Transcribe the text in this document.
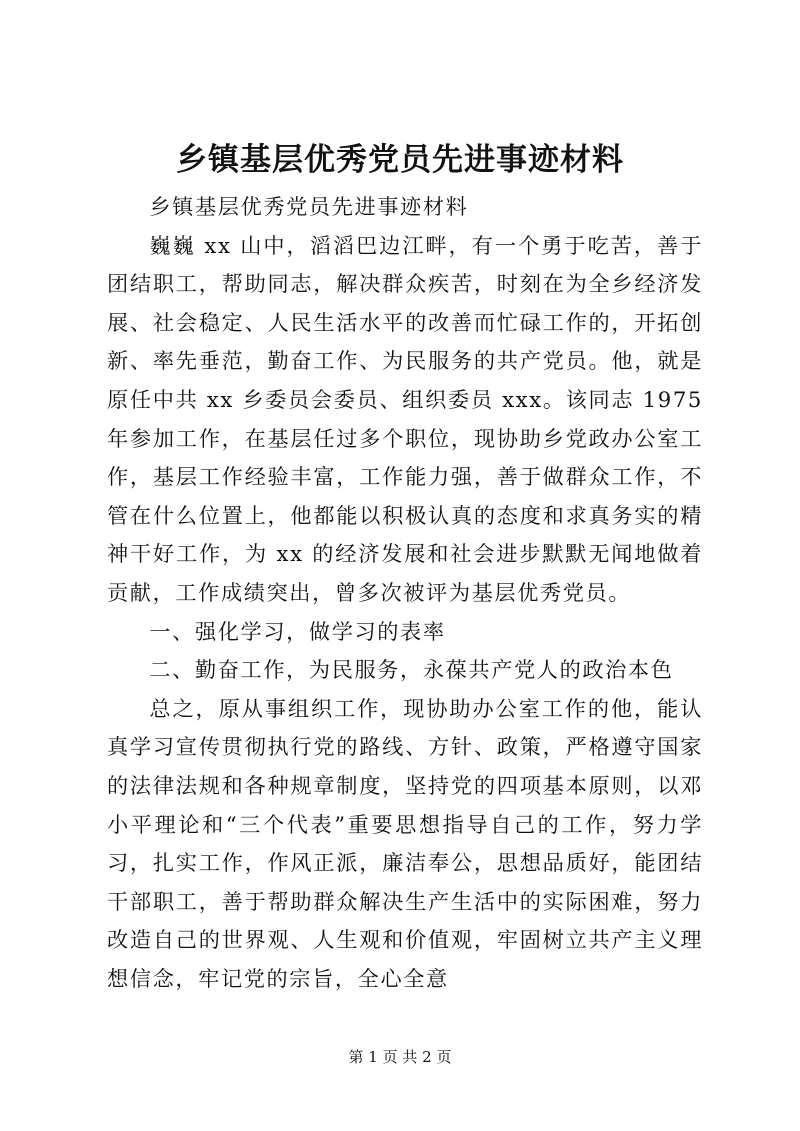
乡镇基层优秀党员先进事迹材料

乡镇基层优秀党员先进事迹材料

巍巍 xx 山中，滔滔巴边江畔，有一个勇于吃苦，善于团结职工，帮助同志，解决群众疾苦，时刻在为全乡经济发展、社会稳定、人民生活水平的改善而忙碌工作的，开拓创新、率先垂范，勤奋工作、为民服务的共产党员。他，就是原任中共 xx 乡委员会委员、组织委员 xxx。该同志 1975 年参加工作，在基层任过多个职位，现协助乡党政办公室工作，基层工作经验丰富，工作能力强，善于做群众工作，不管在什么位置上，他都能以积极认真的态度和求真务实的精神干好工作，为 xx 的经济发展和社会进步默默无闻地做着贡献，工作成绩突出，曾多次被评为基层优秀党员。

一、强化学习，做学习的表率

二、勤奋工作，为民服务，永葆共产党人的政治本色

总之，原从事组织工作，现协助办公室工作的他，能认真学习宣传贯彻执行党的路线、方针、政策，严格遵守国家的法律法规和各种规章制度，坚持党的四项基本原则，以邓小平理论和“三个代表”重要思想指导自己的工作，努力学习，扎实工作，作风正派，廉洁奉公，思想品质好，能团结干部职工，善于帮助群众解决生产生活中的实际困难，努力改造自己的世界观、人生观和价值观，牢固树立共产主义理想信念，牢记党的宗旨，全心全意

第 1 页 共 2 页
